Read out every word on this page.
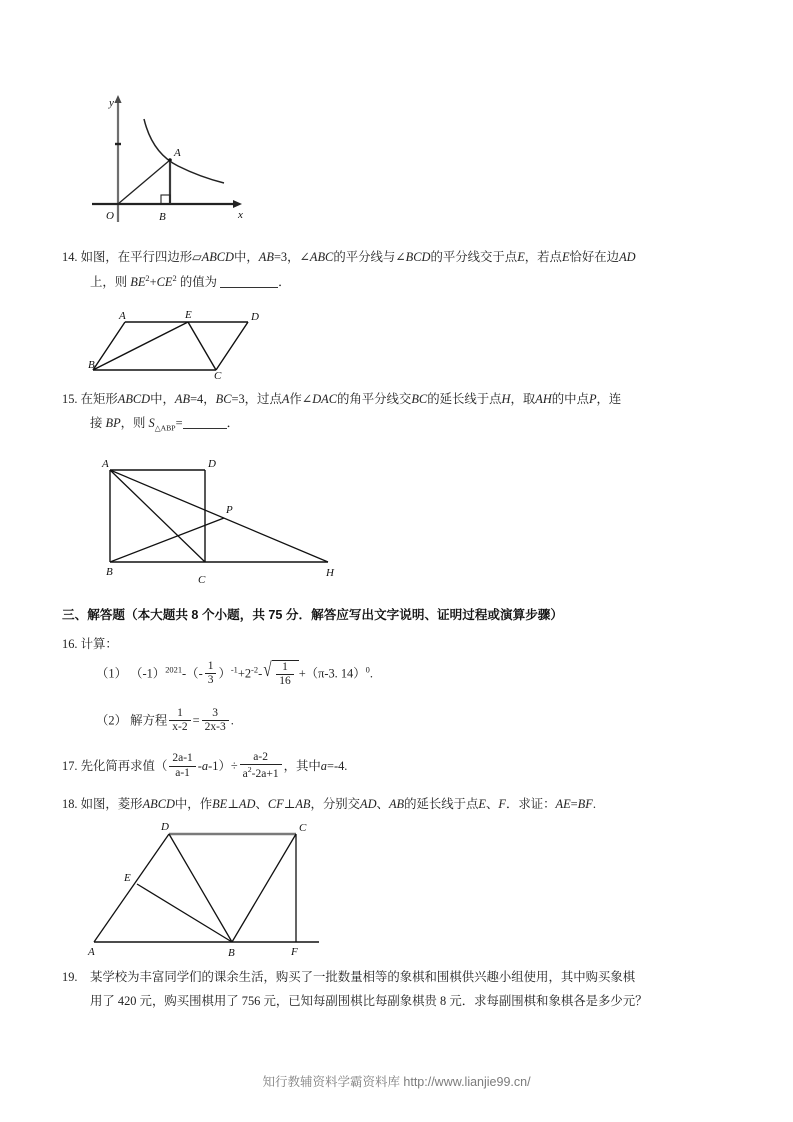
y
x
O
A
B
14. 如图，在平行四边形▱ABCD中，AB=3，∠ABC的平分线与∠BCD的平分线交于点E，若点E恰好在边AD
上，则 $BE^2+CE^2$ 的值为	．
A
B
C
D
E
15. 在矩形ABCD中，AB=4，BC=3，过点A作∠DAC的角平分线交BC的延长线于点H，取AH的中点P，连
接 BP，则 $S_{\triangle ABP}=$	．
A
B
C
D
P
H
三、解答题（本大题共 8 个小题，共 75 分．解答应写出文字说明、证明过程或演算步骤）
16. 计算：
（1） $(-1)^{2021}-(- \frac{1}{3} )^{-1}+2^{-2}-$ √ $\frac{1}{16} +(\pi-3$. 14）$^0$.
（2） 解方程 $\frac{1}{x-2} = \frac{3}{2x-3}$ .
17. 先化简再求值（ $\frac{2a-1}{a-1} -a-1)\div \frac{a-2}{a^2-2a+1}$ ，其中a=-4.
18. 如图，菱形ABCD中，作BE⊥AD、CF⊥AB，分别交AD、AB的延长线于点E、F．求证：AE=BF.
A	B
C
D
E
F
某学校为丰富同学们的课余生活，购买了一批数量相等的象棋和围棋供兴趣小组使用，其中购买象棋
用了 420 元，购买围棋用了 756 元，已知每副围棋比每副象棋贵 8 元．求每副围棋和象棋各是多少元？
19.
知行教辅资料学霸资料库 http://www.lianjie99.cn/
